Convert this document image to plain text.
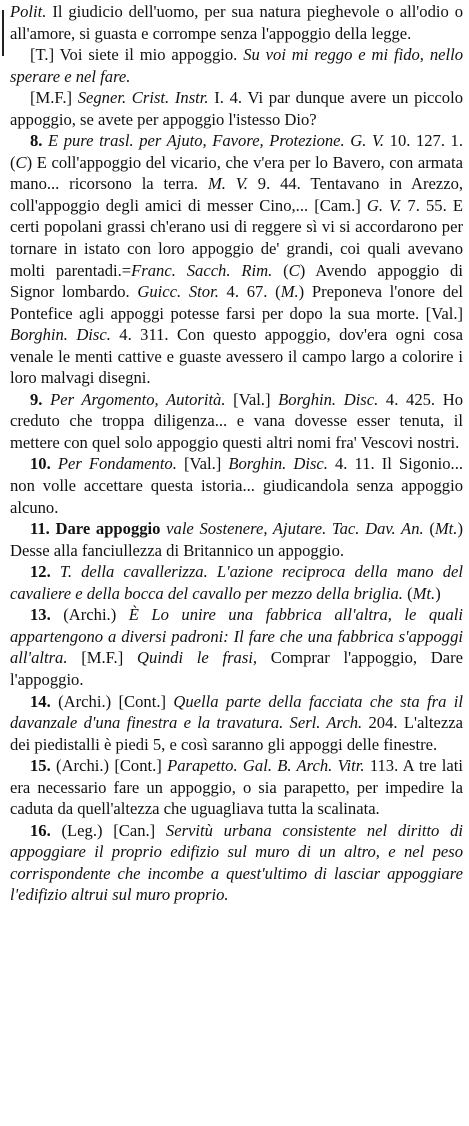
Polit. Il giudicio dell'uomo, per sua natura pieghevole o all'odio o all'amore, si guasta e corrompe senza l'appoggio della legge.

[T.] Voi siete il mio appoggio. Su voi mi reggo e mi fido, nello sperare e nel fare.

[M.F.] Segner. Crist. Instr. I. 4. Vi par dunque avere un piccolo appoggio, se avete per appoggio l'istesso Dio?

8. E pure trasl. per Ajuto, Favore, Protezione. G. V. 10. 127. 1. (C) E coll'appoggio del vicario, che v'era per lo Bavero, con armata mano... ricorsono la terra. M. V. 9. 44. Tentavano in Arezzo, coll'appoggio degli amici di messer Cino,... [Cam.] G. V. 7. 55. E certi popolani grassi ch'erano usi di reggere sì vi si accordarono per tornare in istato con loro appoggio de' grandi, coi quali avevano molti parentadi.=Franc. Sacch. Rim. (C) Avendo appoggio di Signor lombardo. Guicc. Stor. 4. 67. (M.) Preponeva l'onore del Pontefice agli appoggi potesse farsi per dopo la sua morte. [Val.] Borghin. Disc. 4. 311. Con questo appoggio, dov'era ogni cosa venale le menti cattive e guaste avessero il campo largo a colorire i loro malvagi disegni.

9. Per Argomento, Autorità. [Val.] Borghin. Disc. 4. 425. Ho creduto che troppa diligenza... e vana dovesse esser tenuta, il mettere con quel solo appoggio questi altri nomi fra' Vescovi nostri.

10. Per Fondamento. [Val.] Borghin. Disc. 4. 11. Il Sigonio... non volle accettare questa istoria... giudicandola senza appoggio alcuno.

11. Dare appoggio vale Sostenere, Ajutare. Tac. Dav. An. (Mt.) Desse alla fanciullezza di Britannico un appoggio.

12. T. della cavallerizza. L'azione reciproca della mano del cavaliere e della bocca del cavallo per mezzo della briglia. (Mt.)

13. (Archi.) È Lo unire una fabbrica all'altra, le quali appartengono a diversi padroni: Il fare che una fabbrica s'appoggi all'altra. [M.F.] Quindi le frasi, Comprar l'appoggio, Dare l'appoggio.

14. (Archi.) [Cont.] Quella parte della facciata che sta fra il davanzale d'una finestra e la travatura. Serl. Arch. 204. L'altezza dei piedistalli è piedi 5, e così saranno gli appoggi delle finestre.

15. (Archi.) [Cont.] Parapetto. Gal. B. Arch. Vitr. 113. A tre lati era necessario fare un appoggio, o sia parapetto, per impedire la caduta da quell'altezza che uguagliava tutta la scalinata.

16. (Leg.) [Can.] Servitù urbana consistente nel diritto di appoggiare il proprio edifizio sul muro di un altro, e nel peso corrispondente che incombe a quest'ultimo di lasciar appoggiare l'edifizio altrui sul muro proprio.
